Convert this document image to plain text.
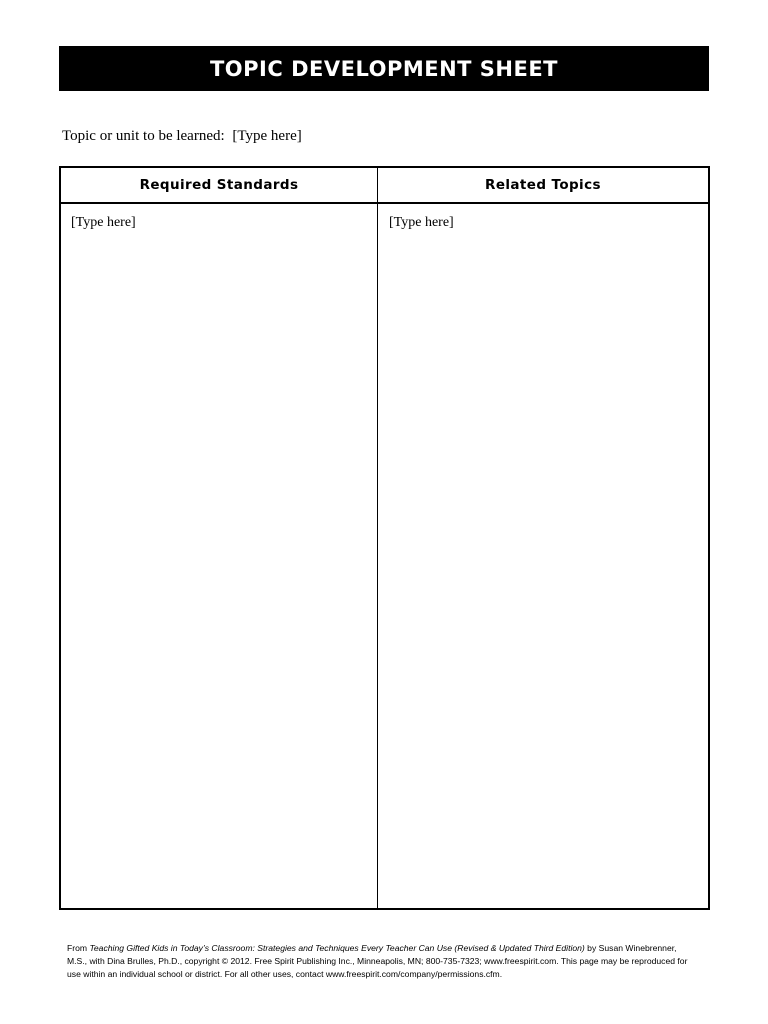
TOPIC DEVELOPMENT SHEET
Topic or unit to be learned: [Type here]
Required Standards	Related Topics
[Type here]	[Type here]
From Teaching Gifted Kids in Today’s Classroom: Strategies and Techniques Every Teacher Can Use (Revised & Updated Third Edition) by Susan Winebrenner, M.S., with Dina Brulles, Ph.D., copyright © 2012. Free Spirit Publishing Inc., Minneapolis, MN; 800-735-7323; www.freespirit.com. This page may be reproduced for use within an individual school or district. For all other uses, contact www.freespirit.com/company/permissions.cfm.
